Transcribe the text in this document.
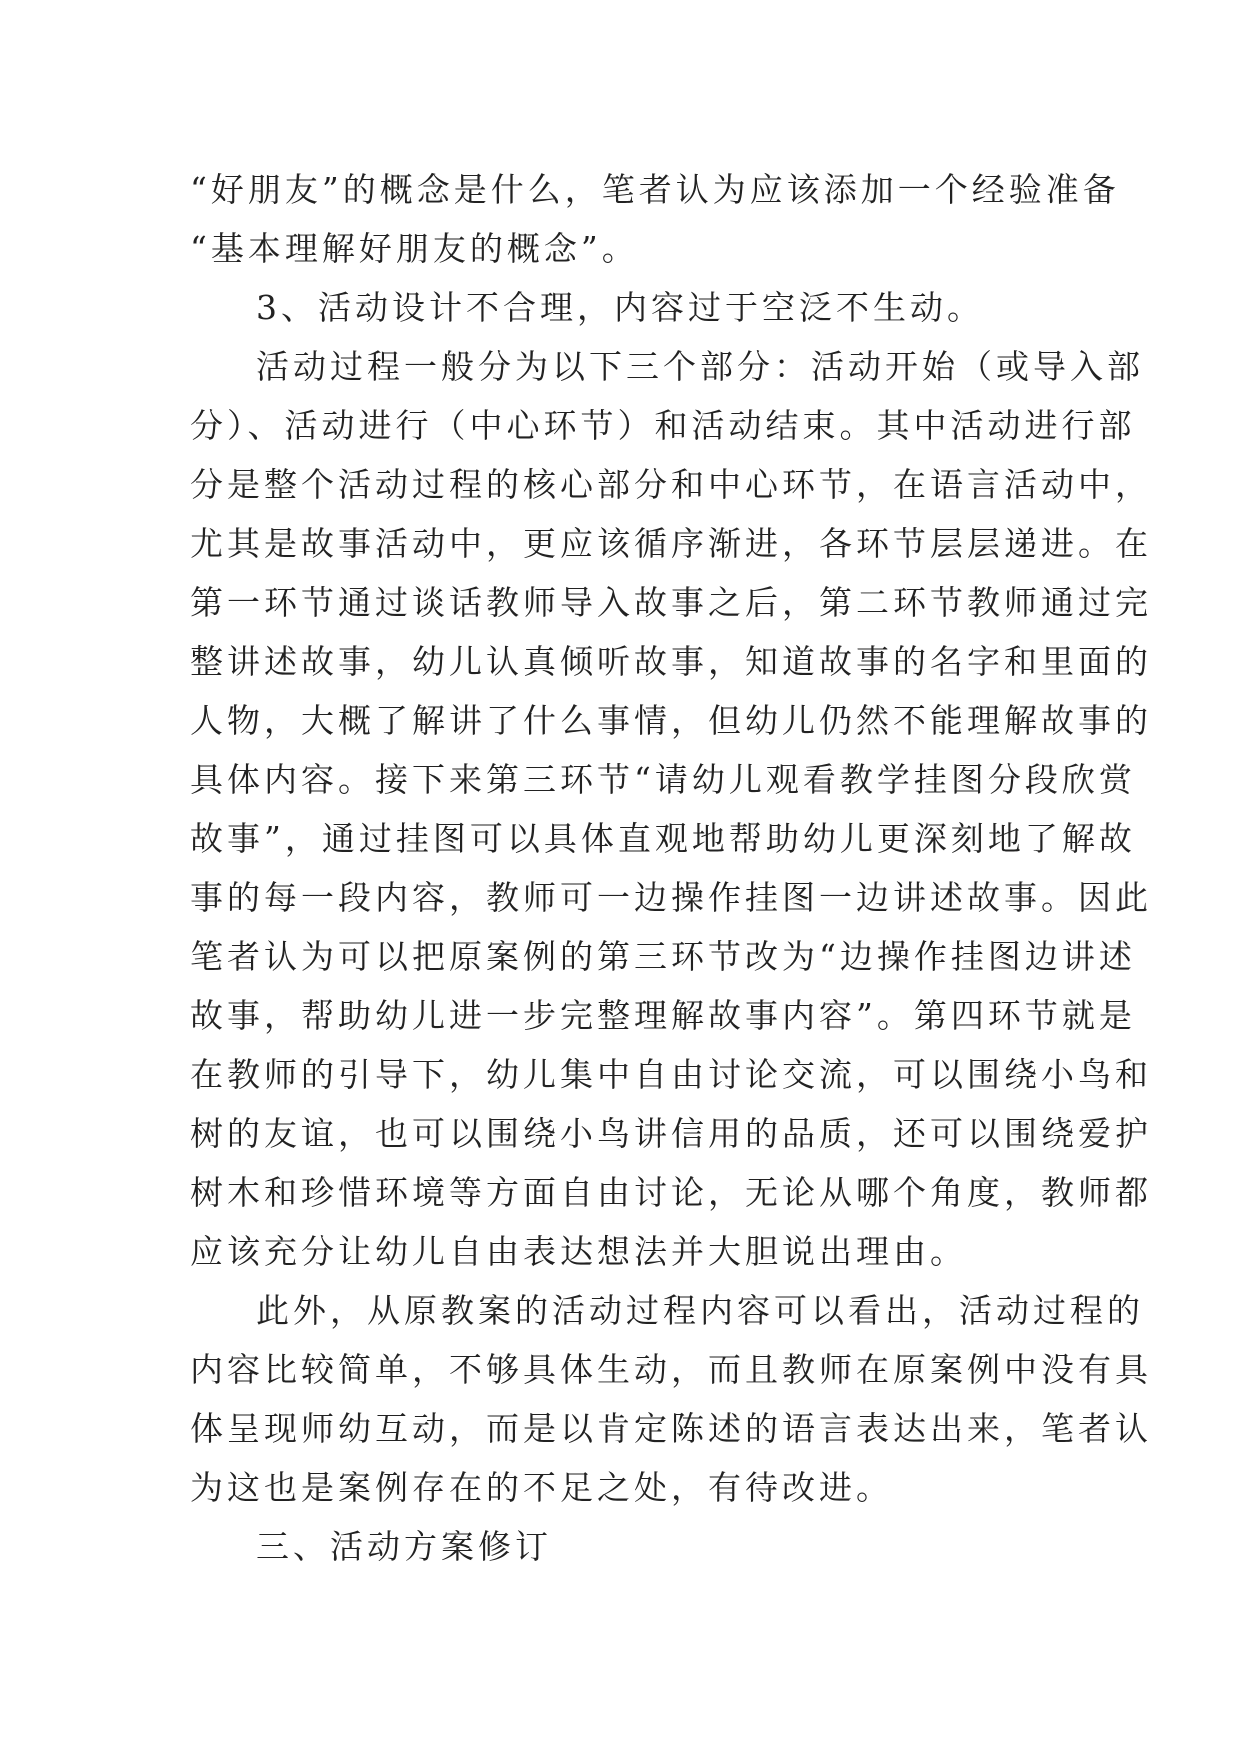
“好朋友”的概念是什么，笔者认为应该添加一个经验准备
“基本理解好朋友的概念”。
3、活动设计不合理，内容过于空泛不生动。
活动过程一般分为以下三个部分：活动开始（或导入部
分）、活动进行（中心环节）和活动结束。其中活动进行部
分是整个活动过程的核心部分和中心环节，在语言活动中，
尤其是故事活动中，更应该循序渐进，各环节层层递进。在
第一环节通过谈话教师导入故事之后，第二环节教师通过完
整讲述故事，幼儿认真倾听故事，知道故事的名字和里面的
人物，大概了解讲了什么事情，但幼儿仍然不能理解故事的
具体内容。接下来第三环节“请幼儿观看教学挂图分段欣赏
故事”，通过挂图可以具体直观地帮助幼儿更深刻地了解故
事的每一段内容，教师可一边操作挂图一边讲述故事。因此
笔者认为可以把原案例的第三环节改为“边操作挂图边讲述
故事，帮助幼儿进一步完整理解故事内容”。第四环节就是
在教师的引导下，幼儿集中自由讨论交流，可以围绕小鸟和
树的友谊，也可以围绕小鸟讲信用的品质，还可以围绕爱护
树木和珍惜环境等方面自由讨论，无论从哪个角度，教师都
应该充分让幼儿自由表达想法并大胆说出理由。
此外，从原教案的活动过程内容可以看出，活动过程的
内容比较简单，不够具体生动，而且教师在原案例中没有具
体呈现师幼互动，而是以肯定陈述的语言表达出来，笔者认
为这也是案例存在的不足之处，有待改进。
三、活动方案修订
